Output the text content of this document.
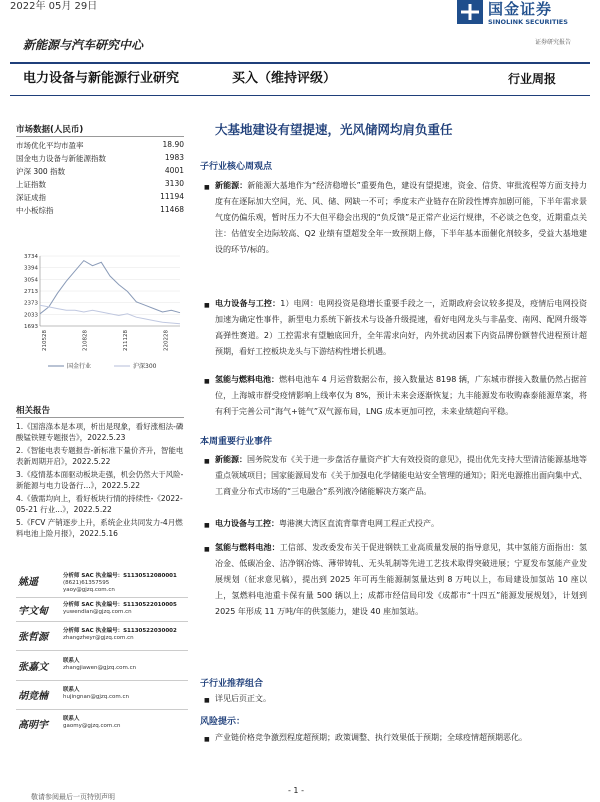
2022年 05月 29日	国金证券
SINOLINK SECURITIES
证券研究报告
新能源与汽车研究中心
电力设备与新能源行业研究	买入（维持评级）	行业周报
市场数据(人民币)
市场优化平均市盈率	18.90
国金电力设备与新能源指数	1983
沪深 300 指数	4001
上证指数	3130
深证成指	11194
中小板综指	11468
1693
2033
2373
2713
3054
3394
3734
210528	210828	211128	220228
国金行业	沪深300
相关报告
1.《国溶涤本是本项，析出是现象，看好涨相法-磷酸锰铁锂专题报告》，2022.5.23
2.《智能电表专题报告-新标准下量价齐升，智能电表新周期开启》，2022.5.22
3.《疫情基本面驱动板块走强，机会仍然大于风险-新能源与电力设备行...》，2022.5.22
4.《俄需均向上，看好板块行情的持续性-《2022-05-21 行业...》，2022.5.22
5.《FCV 产销逐步上升，系统企业共同发力-4月燃料电池上险月报》，2022.5.16
姚遥
分析师 SAC 执业编号：S1130512080001
(8621)61357595
yaoy@gjzq.com.cn
宇文甸
分析师 SAC 执业编号：S1130522010005
yuwendian@gjzq.com.cn
张哲源
分析师 SAC 执业编号：S1130522030002
zhangzheyr@gjzq.com.cn
张嘉文
联系人
zhangjiawen@gjzq.com.cn
胡竞楠
联系人
hujingnan@gjzq.com.cn
高明宇
联系人
gaomy@gjzq.com.cn
大基地建设有望提速，光风储网均肩负重任
子行业核心周观点
■ 新能源：新能源大基地作为“经济稳增长”重要角色，建设有望提速，资金、信贷、审批流程等方面支持力度有在逐际加大空间，光、风、储、网缺一不可；季度末产业链存在阶段性博弈加剧可能，下半年需求景气度仍偏乐观，暂时压力不大但平稳会出现的“负反馈”是正常产业运行规律，不必谈之色变，近期重点关注：估值安全边际较高、Q2 业绩有望超发全年一致预期上修，下半年基本面催化剂较多，受益大基地建设的环节/标的。
■ 电力设备与工控：1）电网：电网投资是稳增长重要手段之一，近期政府会议较多提及，疫情后电网投资加速为确定性事件，新型电力系统下新技术与设备升级提速，看好电网龙头与非晶变、南网、配网升级等高弹性赛道。2）工控需求有望触底回升，全年需求向好，内外扰动因素下内资品牌份额替代进程预计超预期，看好工控板块龙头与下游结构性增长机遇。
■ 氢能与燃料电池：燃料电池车 4 月运营数据公布，接入数量达 8198 辆，广东城市群接入数量仍然占据首位，上海城市群受疫情影响上线率仅为 8%，预计未来会逐渐恢复；九丰能源发布收购森泰能源草案，将有利于完善公司“海气+链气”双气源布局，LNG 成本更加可控，未来业绩超向平稳。
本周重要行业事件
■ 新能源：国务院发布《关于进一步盘活存量资产扩大有效投资的意见》，提出优先支持大型清洁能源基地等重点领域项目；国家能源局发布《关于加强电化学储能电站安全管理的通知》；阳光电源推出面向集中式、工商业分布式市场的“三电融合”系列液冷储能解决方案产品。
■ 电力设备与工控：粤港澳大湾区直流背靠背电网工程正式投产。
■ 氢能与燃料电池：工信部、发改委发布关于促进钢铁工业高质量发展的指导意见，其中氢能方面指出：氢冶金、低碳冶金、洁净钢冶炼、薄带铸轧、无头轧制等先进工艺技术取得突破进展；宁夏发布氢能产业发展规划（征求意见稿），提出到 2025 年可再生能源制氢量达到 8 万吨以上，布局建设加氢站 10 座以上，氢燃料电池重卡保有量 500 辆以上；成都市经信局印发《成都市“十四五”能源发展规划》，计划到 2025 年形成 11 万吨/年的供氢能力，建设 40 座加氢站。
子行业推荐组合
■ 详见后页正文。
风险提示：
■ 产业链价格竞争激烈程度超预期；政策调整、执行效果低于预期；全球疫情超预期恶化。
- 1 -
敬请参阅最后一页特别声明
